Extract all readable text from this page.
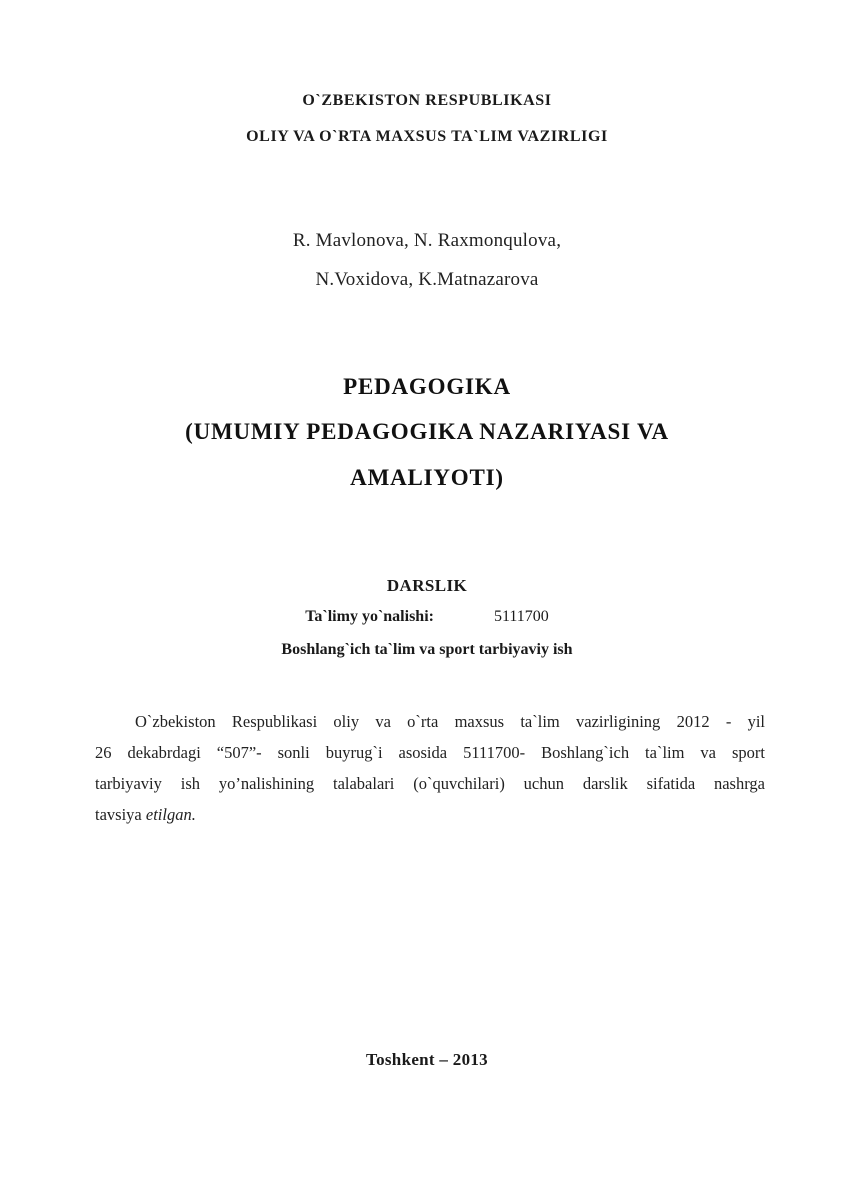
O`ZBEKISTON RESPUBLIKASI
OLIY VA O`RTA MAXSUS TA`LIM VAZIRLIGI
R. Mavlonova, N. Raxmonqulova,
N.Voxidova, K.Matnazarova
PEDAGOGIKA
(UMUMIY PEDAGOGIKA NAZARIYASI VA
AMALIYOTI)
DARSLIK
Ta`limy yo`nalishi:	5111700
Boshlang`ich ta`lim va sport tarbiyaviy ish
O`zbekiston Respublikasi oliy va o`rta maxsus ta`lim vazirligining 2012 - yil
26 dekabrdagi “507”- sonli buyrug`i asosida 5111700- Boshlang`ich ta`lim va sport
tarbiyaviy ish yo’nalishining talabalari (o`quvchilari) uchun darslik sifatida nashrga
tavsiya etilgan.
Toshkent – 2013
